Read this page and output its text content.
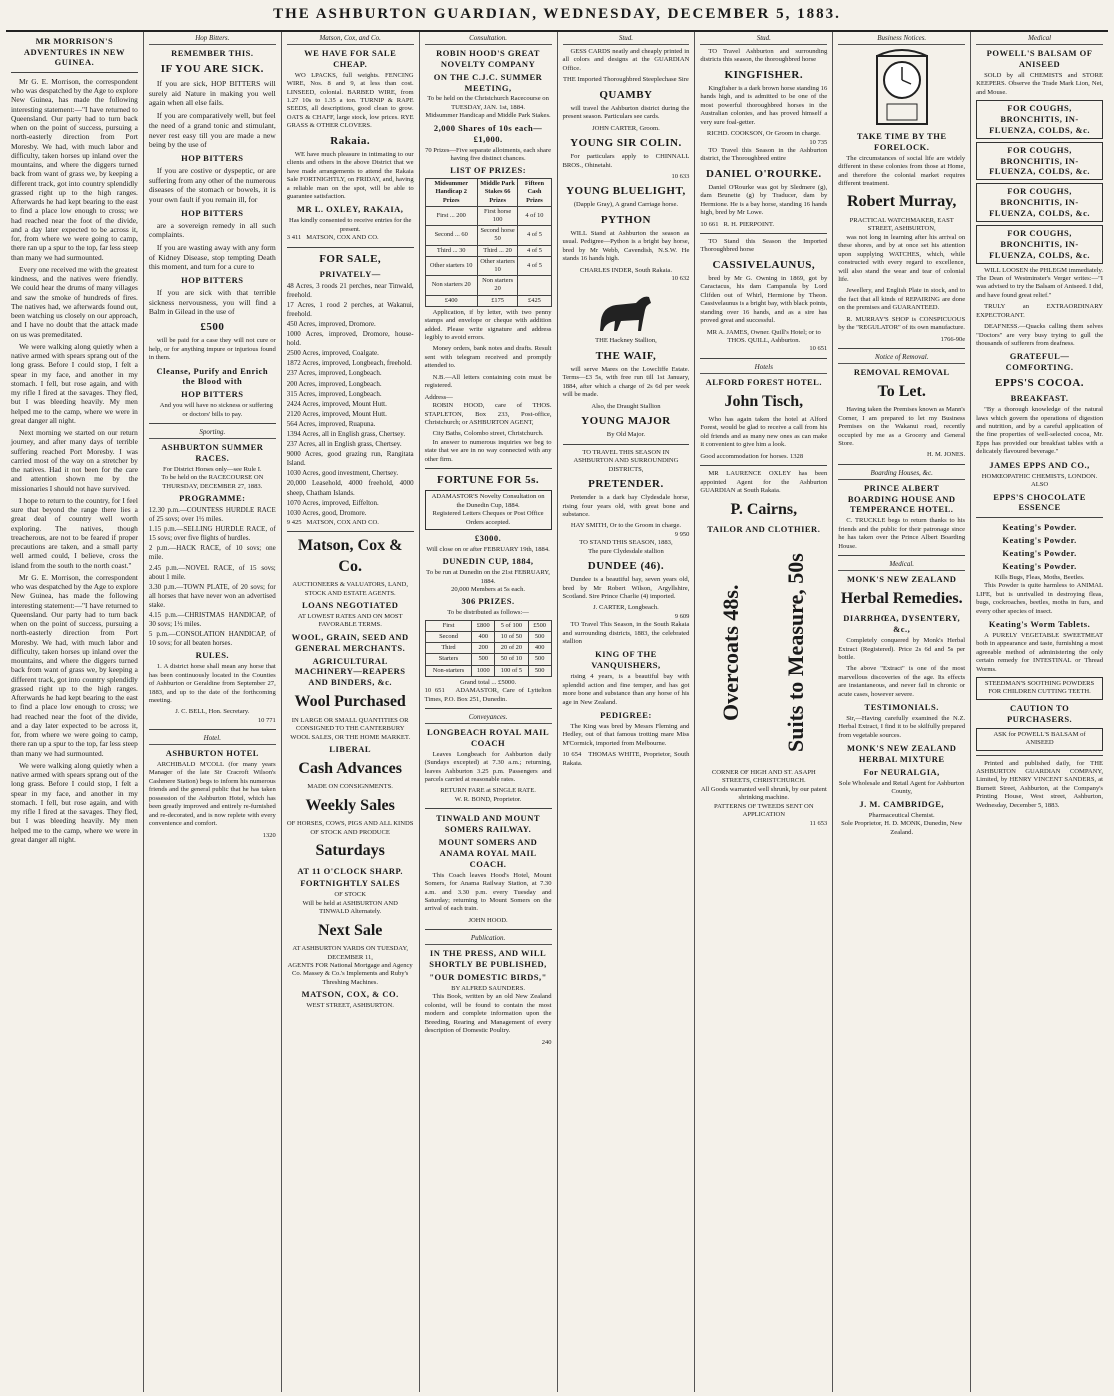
THE ASHBURTON GUARDIAN, WEDNESDAY, DECEMBER 5, 1883.
MR MORRISON'S ADVENTURES IN NEW GUINEA.
Mr G. E. Morrison, the correspondent who was despatched by the Age to explore New Guinea, has made the following interesting statement:—"I have returned to Queensland. Our party had to turn back when on the point of success, pursuing a north-easterly direction from Port Moresby. We had, with much labor and difficulty, taken horses up inland over the mountains, and where the diggers turned back from want of grass we, by keeping a different track, got into country splendidly grassed right up to the high ranges. Afterwards he had kept bearing to the east to find a place low enough to cross; we had reached near the foot of the divide, and a day later expected to be across it, for, from where we were going to camp, there ran up a spur to the top, far less steep than many we had surmounted.
Every one received me with the greatest kindness, and the natives were friendly. We could hear the drums of many villages and saw the smoke of hundreds of fires. The natives had, we afterwards found out, been watching us closely on our approach, and I have no doubt that the attack made on us was premeditated.
We were walking along quietly when a native armed with spears sprang out of the long grass. Before I could stop, I felt a spear in my face, and another in my stomach. I fell, but rose again, and with my rifle I fired at the savages. They fled, but I was bleeding heavily. My men helped me to the camp, where we were in great danger all night.
Next morning we started on our return journey, and after many days of terrible suffering reached Port Moresby. I was carried most of the way on a stretcher by the natives. Had it not been for the care and attention shown me by the missionaries I should not have survived.
I hope to return to the country, for I feel sure that beyond the range there lies a great deal of country well worth exploring. The natives, though treacherous, are not to be feared if proper precautions are taken, and a small party well armed could, I believe, cross the island from the south to the north coast."
Mr G. E. Morrison, the correspondent who was despatched by the Age to explore New Guinea, has made the following interesting statement:—"I have returned to Queensland. Our party had to turn back when on the point of success, pursuing a north-easterly direction from Port Moresby. We had, with much labor and difficulty, taken horses up inland over the mountains, and where the diggers turned back from want of grass we, by keeping a different track, got into country splendidly grassed right up to the high ranges. Afterwards he had kept bearing to the east to find a place low enough to cross; we had reached near the foot of the divide, and a day later expected to be across it, for, from where we were going to camp, there ran up a spur to the top, far less steep than many we had surmounted.
We were walking along quietly when a native armed with spears sprang out of the long grass. Before I could stop, I felt a spear in my face, and another in my stomach. I fell, but rose again, and with my rifle I fired at the savages. They fled, but I was bleeding heavily. My men helped me to the camp, where we were in great danger all night.
Hop Bitters.
REMEMBER THIS.
IF YOU ARE SICK.
If you are sick, HOP BITTERS will surely aid Nature in making you well again when all else fails.
If you are comparatively well, but feel the need of a grand tonic and stimulant, never rest easy till you are made a new being by the use of
HOP BITTERS
If you are costive or dyspeptic, or are suffering from any other of the numerous diseases of the stomach or bowels, it is your own fault if you remain ill, for
HOP BITTERS
are a sovereign remedy in all such complaints.
If you are wasting away with any form of Kidney Disease, stop tempting Death this moment, and turn for a cure to
HOP BITTERS
If you are sick with that terrible sickness nervousness, you will find a Balm in Gilead in the use of
£500
will be paid for a case they will not cure or help, or for anything impure or injurious found in them.
Cleanse, Purify and Enrich the Blood with
HOP BITTERS
And you will have no sickness or suffering or doctors' bills to pay.
Sporting.
ASHBURTON SUMMER RACES.
For District Horses only—see Rule I.
To be held on the RACECOURSE ON THURSDAY, DECEMBER 27, 1883.
PROGRAMME:
12.30 p.m.—COUNTESS HURDLE RACE of 25 sovs; over 1½ miles.
1.15 p.m.—SELLING HURDLE RACE, of 15 sovs; over five flights of hurdles.
2 p.m.—HACK RACE, of 10 sovs; one mile.
2.45 p.m.—NOVEL RACE, of 15 sovs; about 1 mile.
3.30 p.m.—TOWN PLATE, of 20 sovs; for all horses that have never won an advertised stake.
4.15 p.m.—CHRISTMAS HANDICAP, of 30 sovs; 1½ miles.
5 p.m.—CONSOLATION HANDICAP, of 10 sovs; for all beaten horses.
RULES.
1. A district horse shall mean any horse that has been continuously located in the Counties of Ashburton or Geraldine from September 27, 1883, and up to the date of the forthcoming meeting.
J. C. BELL, Hon. Secretary.
10 771
Hotel.
ASHBURTON HOTEL
ARCHIBALD M'COLL (for many years Manager of the late Sir Cracroft Wilson's Cashmere Station) begs to inform his numerous friends and the general public that he has taken possession of the Ashburton Hotel, which has been greatly improved and entirely re-furnished and re-decorated, and is now replete with every convenience and comfort.
1320
Matson, Cox, and Co.
WE HAVE FOR SALE CHEAP.
WO LPACKS, full weights. FENCING WIRE, Nos. 8 and 9, at less than cost. LINSEED, colonial. BARBED WIRE, from 1.27 10s to 1.35 a ton. TURNIP & RAPE SEEDS, all descriptions, good clean to grow. OATS & CHAFF, large stock, low prices. RYE GRASS & OTHER CLOVERS.
Rakaia.
WE have much pleasure in intimating to our clients and others in the above District that we have made arrangements to attend the Rakaia Sale FORTNIGHTLY, on FRIDAY, and, having a reliable man on the spot, will be able to guarantee satisfaction.
MR L. OXLEY, RAKAIA,
Has kindly consented to receive entries for the present.
3 411 MATSON, COX AND CO.
FOR SALE,
PRIVATELY—
48 Acres, 3 roods 21 perches, near Tinwald, freehold.
17 Acres, 1 rood 2 perches, at Wakanui, freehold.
450 Acres, improved, Dromore.
1000 Acres, improved, Dromore, house-hold.
2500 Acres, improved, Coalgate.
1872 Acres, improved, Longbeach, freehold.
237 Acres, improved, Longbeach.
200 Acres, improved, Longbeach.
315 Acres, improved, Longbeach.
2424 Acres, improved, Mount Hutt.
2120 Acres, improved, Mount Hutt.
564 Acres, improved, Ruapuna.
1394 Acres, all in English grass, Chertsey.
237 Acres, all in English grass, Chertsey.
9000 Acres, good grazing run, Rangitata Island.
1030 Acres, good investment, Chertsey.
20,000 Leasehold, 4000 freehold, 4000 sheep, Chatham Islands.
1070 Acres, improved, Eiffelton.
1030 Acres, good, Dromore.
9 425 MATSON, COX AND CO.
Matson, Cox & Co.
AUCTIONEERS & VALUATORS, LAND, STOCK AND ESTATE AGENTS.
LOANS NEGOTIATED
AT LOWEST RATES AND ON MOST FAVORABLE TERMS.
WOOL, GRAIN, SEED AND GENERAL MERCHANTS.
AGRICULTURAL MACHINERY—REAPERS AND BINDERS, &c.
Wool Purchased
IN LARGE OR SMALL QUANTITIES OR CONSIGNED TO THE CANTERBURY WOOL SALES, OR THE HOME MARKET.
LIBERAL
Cash Advances
MADE ON CONSIGNMENTS.
Weekly Sales
OF HORSES, COWS, PIGS AND ALL KINDS OF STOCK AND PRODUCE
Saturdays
AT 11 O'CLOCK SHARP.
FORTNIGHTLY SALES
OF STOCK
Will be held at ASHBURTON AND TINWALD Alternately.
Next Sale
AT ASHBURTON YARDS ON TUESDAY, DECEMBER 11,
AGENTS FOR National Mortgage and Agency Co. Massey & Co.'s Implements and Ruby's Threshing Machines.
MATSON, COX, & CO.
WEST STREET, ASHBURTON.
Consultation.
ROBIN HOOD'S GREAT NOVELTY COMPANY
ON THE C.J.C. SUMMER MEETING,
To be held on the Christchurch Racecourse on TUESDAY, JAN. 1st, 1884.
Midsummer Handicap and Middle Park Stakes.
2,000 Shares of 10s each—£1,000.
70 Prizes—Five separate allotments, each share having five distinct chances.
LIST OF PRIZES:
Midsummer Handicap 2 Prizes	Middle Park Stakes 66 Prizes	Fifteen Cash Prizes
First ... 200	First horse 100	4 of 10
Second ... 60	Second horse 50	4 of 5
Third ... 30	Third ... 20	4 of 5
Other starters 10	Other starters 10	4 of 5
Non starters 20	Non starters 20	
£400	£175	£425
Application, if by letter, with two penny stamps and envelope or cheque with addition added. Please write signature and address legibly to avoid errors.
Money orders, bank notes and drafts. Result sent with telegram received and promptly attended to.
N.B.—All letters containing coin must be registered.
Address—
ROBIN HOOD, care of THOS. STAPLETON, Box 233, Post-office, Christchurch; or ASHBURTON AGENT,
City Baths, Colombo street, Christchurch.
In answer to numerous inquiries we beg to state that we are in no way connected with any other firm.
FORTUNE FOR 5s.
ADAMASTOR'S Novelty Consultation on the Dunedin Cup, 1884.
Registered Letters Cheques or Post Office Orders accepted.
£3000.
Will close on or after FEBRUARY 19th, 1884.
DUNEDIN CUP, 1884,
To be run at Dunedin on the 21st FEBRUARY, 1884.
20,000 Members at 5s each.
306 PRIZES.
To be distributed as follows:—
First	£800	5 of 100	£500
Second	400	10 of 50	500
Third	200	20 of 20	400
Starters	500	50 of 10	500
Non-starters	1000	100 of 5	500
Grand total ... £5000.
10 651 ADAMASTOR, Care of Lyttelton Times, P.O. Box 251, Dunedin.
Conveyances.
LONGBEACH ROYAL MAIL COACH
Leaves Longbeach for Ashburton daily (Sundays excepted) at 7.30 a.m.; returning, leaves Ashburton 3.25 p.m. Passengers and parcels carried at reasonable rates.
RETURN FARE at SINGLE RATE.
W. R. BOND, Proprietor.
TINWALD AND MOUNT SOMERS RAILWAY.
MOUNT SOMERS AND ANAMA ROYAL MAIL COACH.
This Coach leaves Hood's Hotel, Mount Somers, for Anama Railway Station, at 7.30 a.m. and 3.30 p.m. every Tuesday and Saturday; returning to Mount Somers on the arrival of each train.
JOHN HOOD.
Publication.
IN THE PRESS, AND WILL SHORTLY BE PUBLISHED,
"OUR DOMESTIC BIRDS,"
BY ALFRED SAUNDERS.
This Book, written by an old New Zealand colonist, will be found to contain the most modern and complete information upon the Breeding, Rearing and Management of every description of Domestic Poultry.
240
Stud.
GESS CARDS neatly and cheaply printed in all colors and designs at the GUARDIAN Office.
THE Imported Thoroughbred Steeplechase Sire
QUAMBY
will travel the Ashburton district during the present season. Particulars see cards.
JOHN CARTER, Groom.
YOUNG SIR COLIN.
For particulars apply to CHINNALL BROS., Ohinetahi.
10 633
YOUNG BLUELIGHT,
(Dapple Gray), A grand Carriage horse.
PYTHON
WILL Stand at Ashburton the season as usual. Pedigree—Python is a bright bay horse, bred by Mr Webb, Cavendish, N.S.W. He stands 16 hands high.
CHARLES INDER, South Rakaia.
10 632
THE Hackney Stallion,
THE WAIF,
will serve Mares on the Lowcliffe Estate. Terms—£3 5s, with free run till 1st January, 1884, after which a charge of 2s 6d per week will be made.
Also, the Draught Stallion
YOUNG MAJOR
By Old Major.
TO TRAVEL THIS SEASON IN ASHBURTON AND SURROUNDING DISTRICTS,
PRETENDER.
Pretender is a dark bay Clydesdale horse, rising four years old, with great bone and substance.
HAY SMITH, Or to the Groom in charge.
9 950
TO STAND THIS SEASON, 1883,
The pure Clydesdale stallion
DUNDEE (46).
Dundee is a beautiful bay, seven years old, bred by Mr Robert Wilson, Argyllshire, Scotland. Sire Prince Charlie (4) imported.
J. CARTER, Longbeach.
9 609
TO Travel This Season, in the South Rakaia and surrounding districts, 1883, the celebrated stallion
KING OF THE VANQUISHERS,
rising 4 years, is a beautiful bay with splendid action and fine temper, and has got more bone and substance than any horse of his age in New Zealand.
PEDIGREE:
The King was bred by Messrs Fleming and Hedley, out of that famous trotting mare Miss M'Cormick, imported from Melbourne.
10 654 THOMAS WHITE, Proprietor, South Rakaia.
Stud.
TO Travel Ashburton and surrounding districts this season, the thoroughbred horse
KINGFISHER.
Kingfisher is a dark brown horse standing 16 hands high, and is admitted to be one of the most powerful thoroughbred horses in the Australian colonies, and has proved himself a very sure foal-getter.
RICHD. COOKSON, Or Groom in charge.
10 735
TO Travel this Season in the Ashburton district, the Thoroughbred entire
DANIEL O'ROURKE.
Daniel O'Rourke was got by Sledmere (g), dam Brunette (g) by Traducer, dam by Hermione. He is a bay horse, standing 16 hands high, bred by Mr Lowe.
10 661 R. H. PIERPOINT.
TO Stand this Season the Imported Thoroughbred horse
CASSIVELAUNUS,
bred by Mr G. Owning in 1869, got by Caractacus, his dam Campanula by Lord Clifden out of Whirl, Hermione by Theon. Cassivelaunus is a bright bay, with black points, standing over 16 hands, and as a sire has proved great and successful.
MR A. JAMES, Owner. Quill's Hotel; or to THOS. QUILL, Ashburton.
10 651
Hotels
ALFORD FOREST HOTEL.
John Tisch,
Who has again taken the hotel at Alford Forest, would be glad to receive a call from his old friends and as many new ones as can make it convenient to give him a look.
Good accommodation for horses. 1328
MR LAURENCE OXLEY has been appointed Agent for the Ashburton GUARDIAN at South Rakaia.
P. Cairns,
TAILOR AND CLOTHIER.
Overcoats 48s. Suits to Measure, 50s
CORNER OF HIGH AND ST. ASAPH STREETS, CHRISTCHURCH.
All Goods warranted well shrunk, by our patent shrinking machine.
PATTERNS OF TWEEDS SENT ON APPLICATION
11 653
Business Notices.
TAKE TIME BY THE FORELOCK.
The circumstances of social life are widely different in these colonies from those at Home, and therefore the colonial market requires different treatment.
Robert Murray,
PRACTICAL WATCHMAKER, EAST STREET, ASHBURTON,
was not long in learning after his arrival on these shores, and by at once set his attention upon supplying WATCHES, which, while constructed with every regard to excellence, will also stand the wear and tear of colonial life.
Jewellery, and English Plate in stock, and to the fact that all kinds of REPAIRING are done on the premises and GUARANTEED.
R. MURRAY'S SHOP is CONSPICUOUS by the "REGULATOR" of its own manufacture.
1766-90e
Notice of Removal.
REMOVAL REMOVAL
To Let.
Having taken the Premises known as Mann's Corner, I am prepared to let my Business Premises on the Wakanui road, recently occupied by me as a Grocery and General Store.
H. M. JONES.
Boarding Houses, &c.
PRINCE ALBERT BOARDING HOUSE AND TEMPERANCE HOTEL.
C. TRUCKLE begs to return thanks to his friends and the public for their patronage since he has taken over the Prince Albert Boarding House.
Medical.
MONK'S NEW ZEALAND
Herbal Remedies.
DIARRHŒA, DYSENTERY, &c.,
Completely conquered by Monk's Herbal Extract (Registered). Price 2s 6d and 5s per bottle.
The above "Extract" is one of the most marvellous discoveries of the age. Its effects are instantaneous, and never fail in chronic or acute cases, however severe.
TESTIMONIALS.
Sir,—Having carefully examined the N.Z. Herbal Extract, I find it to be skilfully prepared from vegetable sources.
MONK'S NEW ZEALAND HERBAL MIXTURE
For NEURALGIA,
Sole Wholesale and Retail Agent for Ashburton County,
J. M. CAMBRIDGE,
Pharmaceutical Chemist.
Sole Proprietor, H. D. MONK, Dunedin, New Zealand.
Medical
POWELL'S BALSAM OF ANISEED
SOLD by all CHEMISTS and STORE KEEPERS. Observe the Trade Mark Lion, Net, and Mouse.
FOR COUGHS, BRONCHITIS, IN-FLUENZA, COLDS, &c.
FOR COUGHS, BRONCHITIS, IN-FLUENZA, COLDS, &c.
FOR COUGHS, BRONCHITIS, IN-FLUENZA, COLDS, &c.
FOR COUGHS, BRONCHITIS, IN-FLUENZA, COLDS, &c.
WILL LOOSEN the PHLEGM immediately. The Dean of Westminster's Verger writes:—"I was advised to try the Balsam of Aniseed. I did, and have found great relief."
TRULY an EXTRAORDINARY EXPECTORANT.
DEAFNESS.—Quacks calling them selves "Doctors" are very busy trying to gull the thousands of sufferers from deafness.
GRATEFUL—COMFORTING.
EPPS'S COCOA.
BREAKFAST.
"By a thorough knowledge of the natural laws which govern the operations of digestion and nutrition, and by a careful application of the fine properties of well-selected cocoa, Mr. Epps has provided our breakfast tables with a delicately flavoured beverage."
JAMES EPPS AND CO.,
HOMŒOPATHIC CHEMISTS, LONDON.
ALSO
EPPS'S CHOCOLATE ESSENCE
Keating's Powder.
Keating's Powder.
Keating's Powder.
Keating's Powder.
Kills Bugs, Fleas, Moths, Beetles.
This Powder is quite harmless to ANIMAL LIFE, but is unrivalled in destroying fleas, bugs, cockroaches, beetles, moths in furs, and every other species of insect.
Keating's Worm Tablets.
A PURELY VEGETABLE SWEETMEAT both in appearance and taste, furnishing a most agreeable method of administering the only certain remedy for INTESTINAL or Thread Worms.
STEEDMAN'S SOOTHING POWDERS
FOR CHILDREN CUTTING TEETH.
CAUTION TO PURCHASERS.
ASK for POWELL'S BALSAM of ANISEED
Printed and published daily, for THE ASHBURTON GUARDIAN COMPANY, Limited, by HENRY VINCENT SANDERS, at Burnett Street, Ashburton, at the Company's Printing House, West street, Ashburton, Wednesday, December 5, 1883.
